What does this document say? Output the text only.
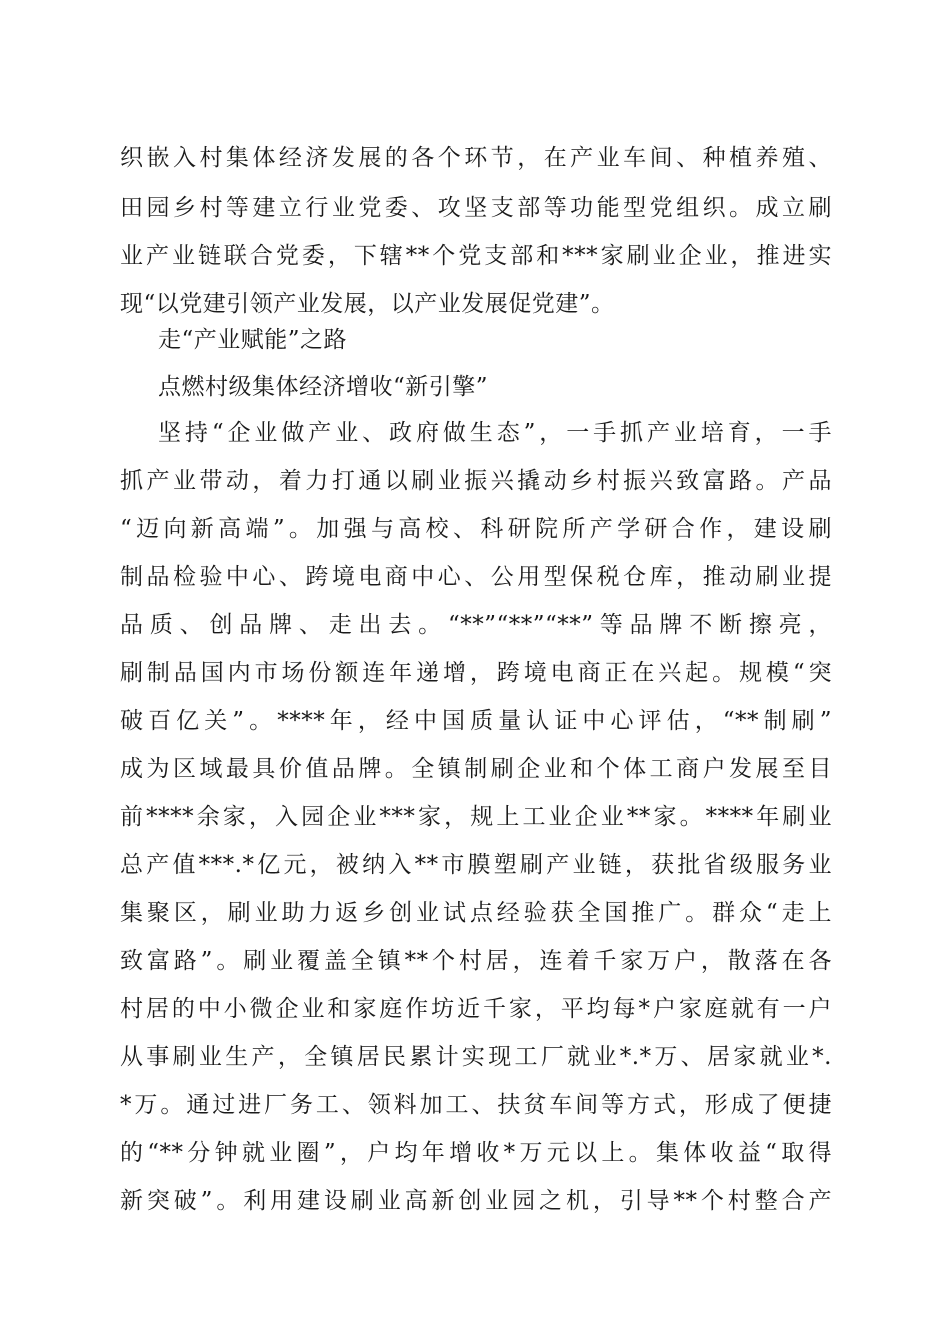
织嵌入村集体经济发展的各个环节，在产业车间、种植养殖、
田园乡村等建立行业党委、攻坚支部等功能型党组织。成立刷
业产业链联合党委，下辖**个党支部和***家刷业企业，推进实
现“以党建引领产业发展，以产业发展促党建”。
走“产业赋能”之路
点燃村级集体经济增收“新引擎”
坚持“企业做产业、政府做生态”，一手抓产业培育，一手
抓产业带动，着力打通以刷业振兴撬动乡村振兴致富路。产品
“迈向新高端”。加强与高校、科研院所产学研合作，建设刷
制品检验中心、跨境电商中心、公用型保税仓库，推动刷业提
品质、创品牌、走出去。“**”“**”“**”等品牌不断擦亮，
刷制品国内市场份额连年递增，跨境电商正在兴起。规模“突
破百亿关”。****年，经中国质量认证中心评估，“**制刷”
成为区域最具价值品牌。全镇制刷企业和个体工商户发展至目
前****余家，入园企业***家，规上工业企业**家。****年刷业
总产值***.*亿元，被纳入**市膜塑刷产业链，获批省级服务业
集聚区，刷业助力返乡创业试点经验获全国推广。群众“走上
致富路”。刷业覆盖全镇**个村居，连着千家万户，散落在各
村居的中小微企业和家庭作坊近千家，平均每*户家庭就有一户
从事刷业生产，全镇居民累计实现工厂就业*.*万、居家就业*.
*万。通过进厂务工、领料加工、扶贫车间等方式，形成了便捷
的“**分钟就业圈”，户均年增收*万元以上。集体收益“取得
新突破”。利用建设刷业高新创业园之机，引导**个村整合产
